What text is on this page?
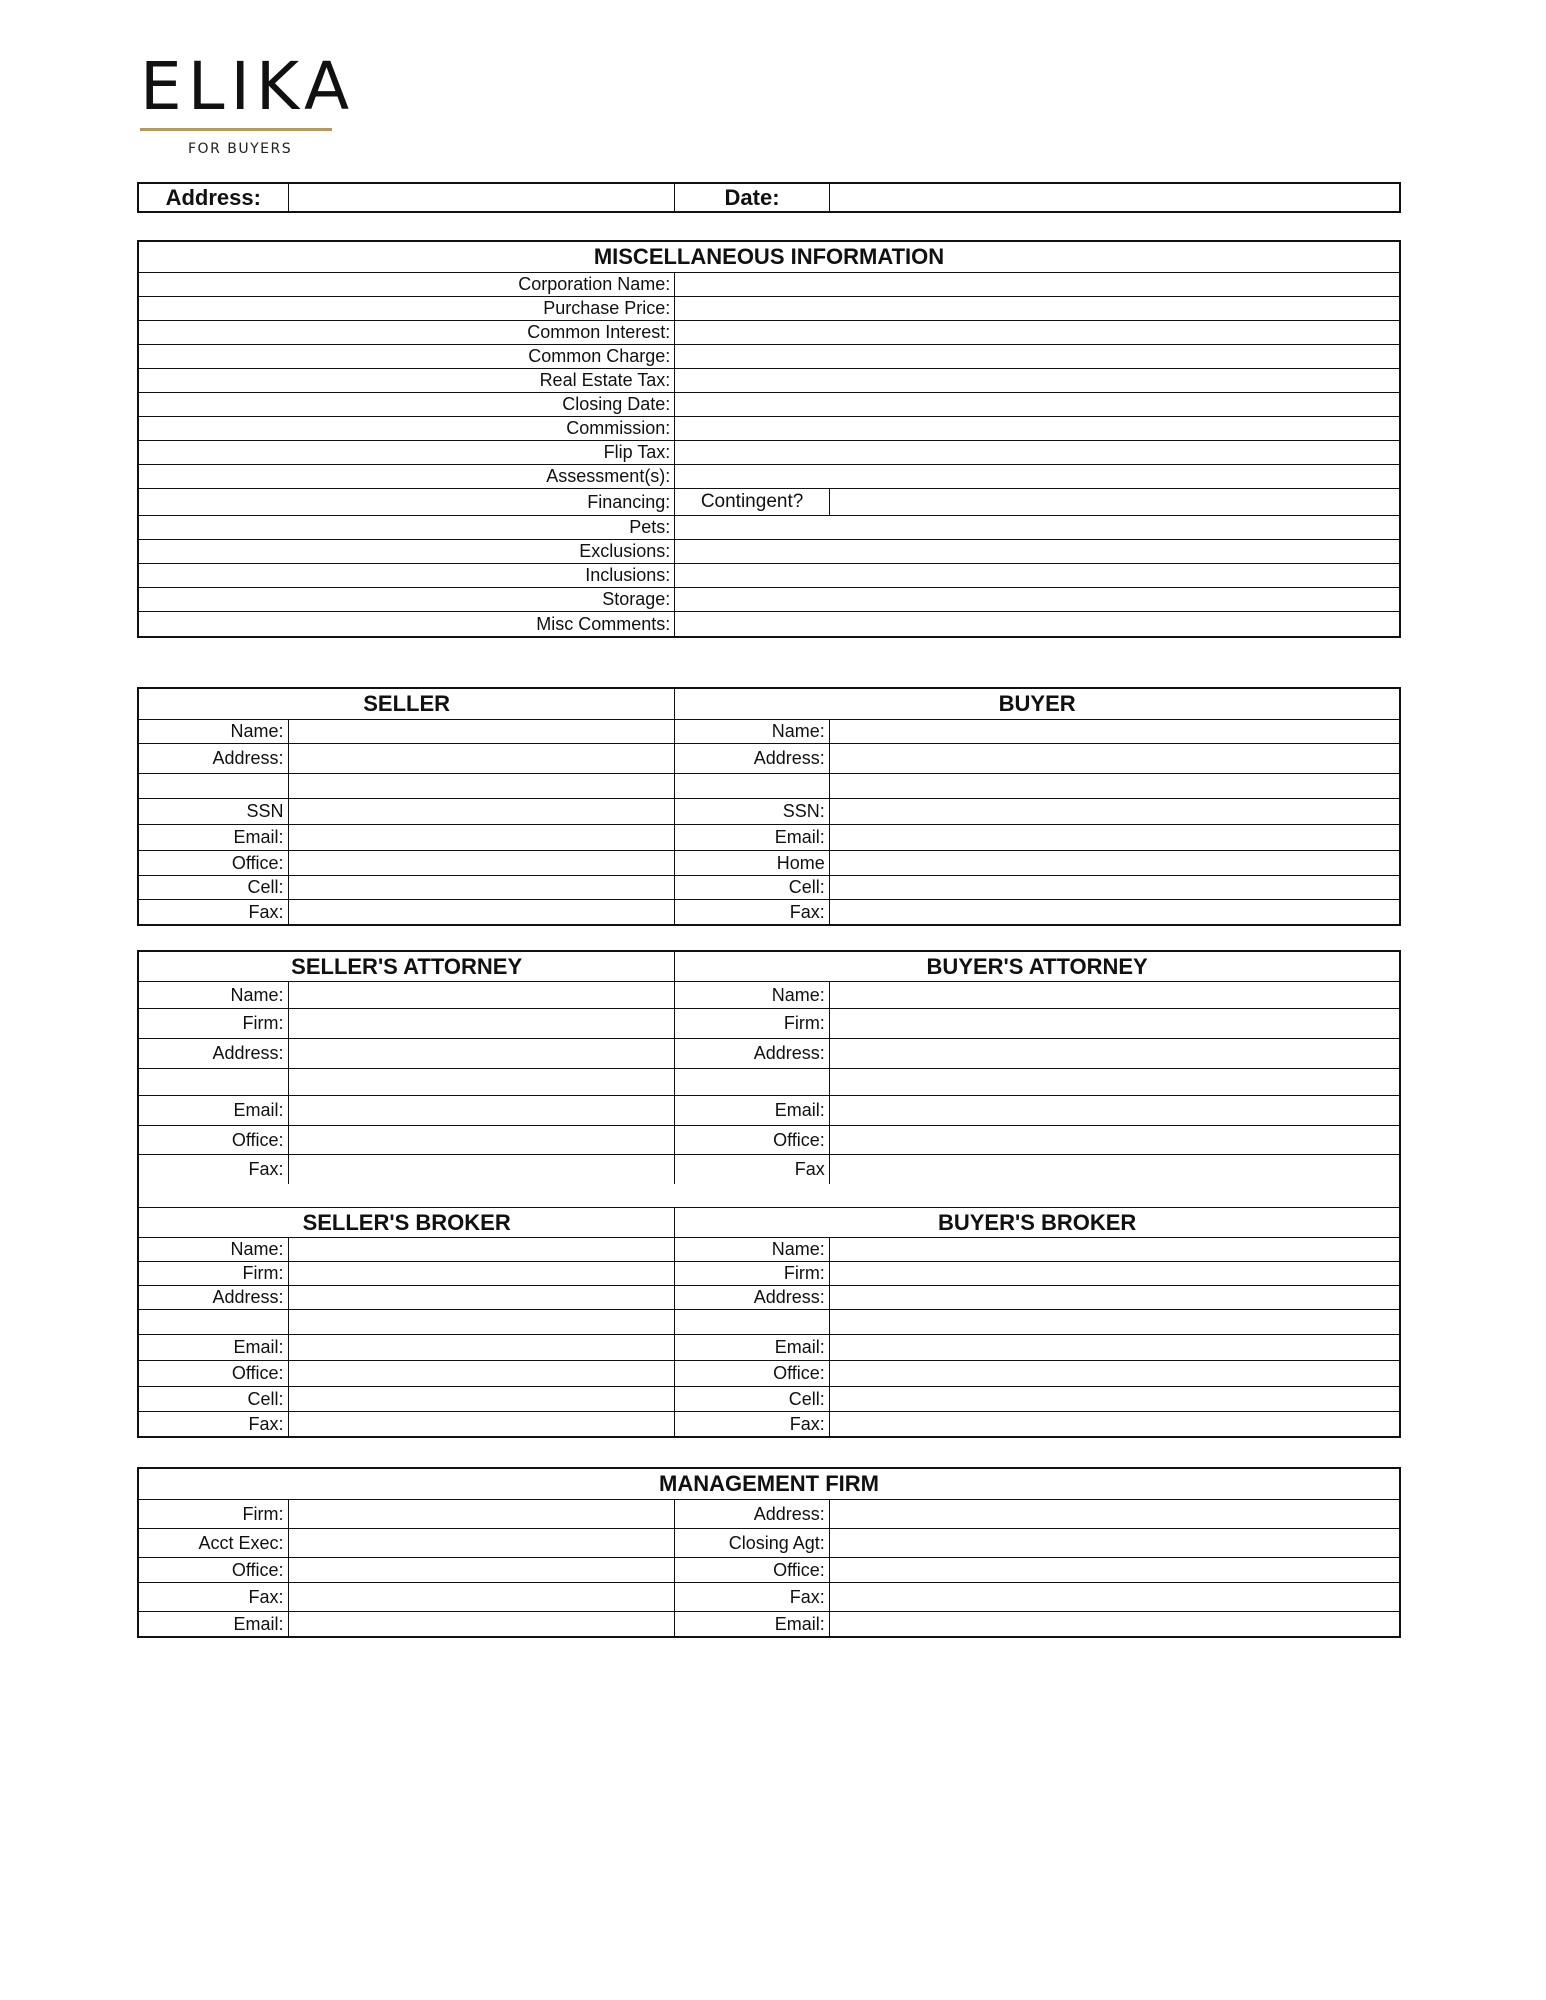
ELIKA
FOR BUYERS
Address:	Date:
MISCELLANEOUS INFORMATION
Corporation Name:
Purchase Price:
Common Interest:
Common Charge:
Real Estate Tax:
Closing Date:
Commission:
Flip Tax:
Assessment(s):
Financing:	Contingent?
Pets:
Exclusions:
Inclusions:
Storage:
Misc Comments:
SELLER	BUYER
Name:	Name:
Address:	Address:
SSN	SSN:
Email:	Email:
Office:	Home
Cell:	Cell:
Fax:	Fax:
SELLER'S ATTORNEY	BUYER'S ATTORNEY
Name:	Name:
Firm:	Firm:
Address:	Address:
Email:	Email:
Office:	Office:
Fax:	Fax
SELLER'S BROKER	BUYER'S BROKER
Name:	Name:
Firm:	Firm:
Address:	Address:
Email:	Email:
Office:	Office:
Cell:	Cell:
Fax:	Fax:
MANAGEMENT FIRM
Firm:	Address:
Acct Exec:	Closing Agt:
Office:	Office:
Fax:	Fax:
Email:	Email:
